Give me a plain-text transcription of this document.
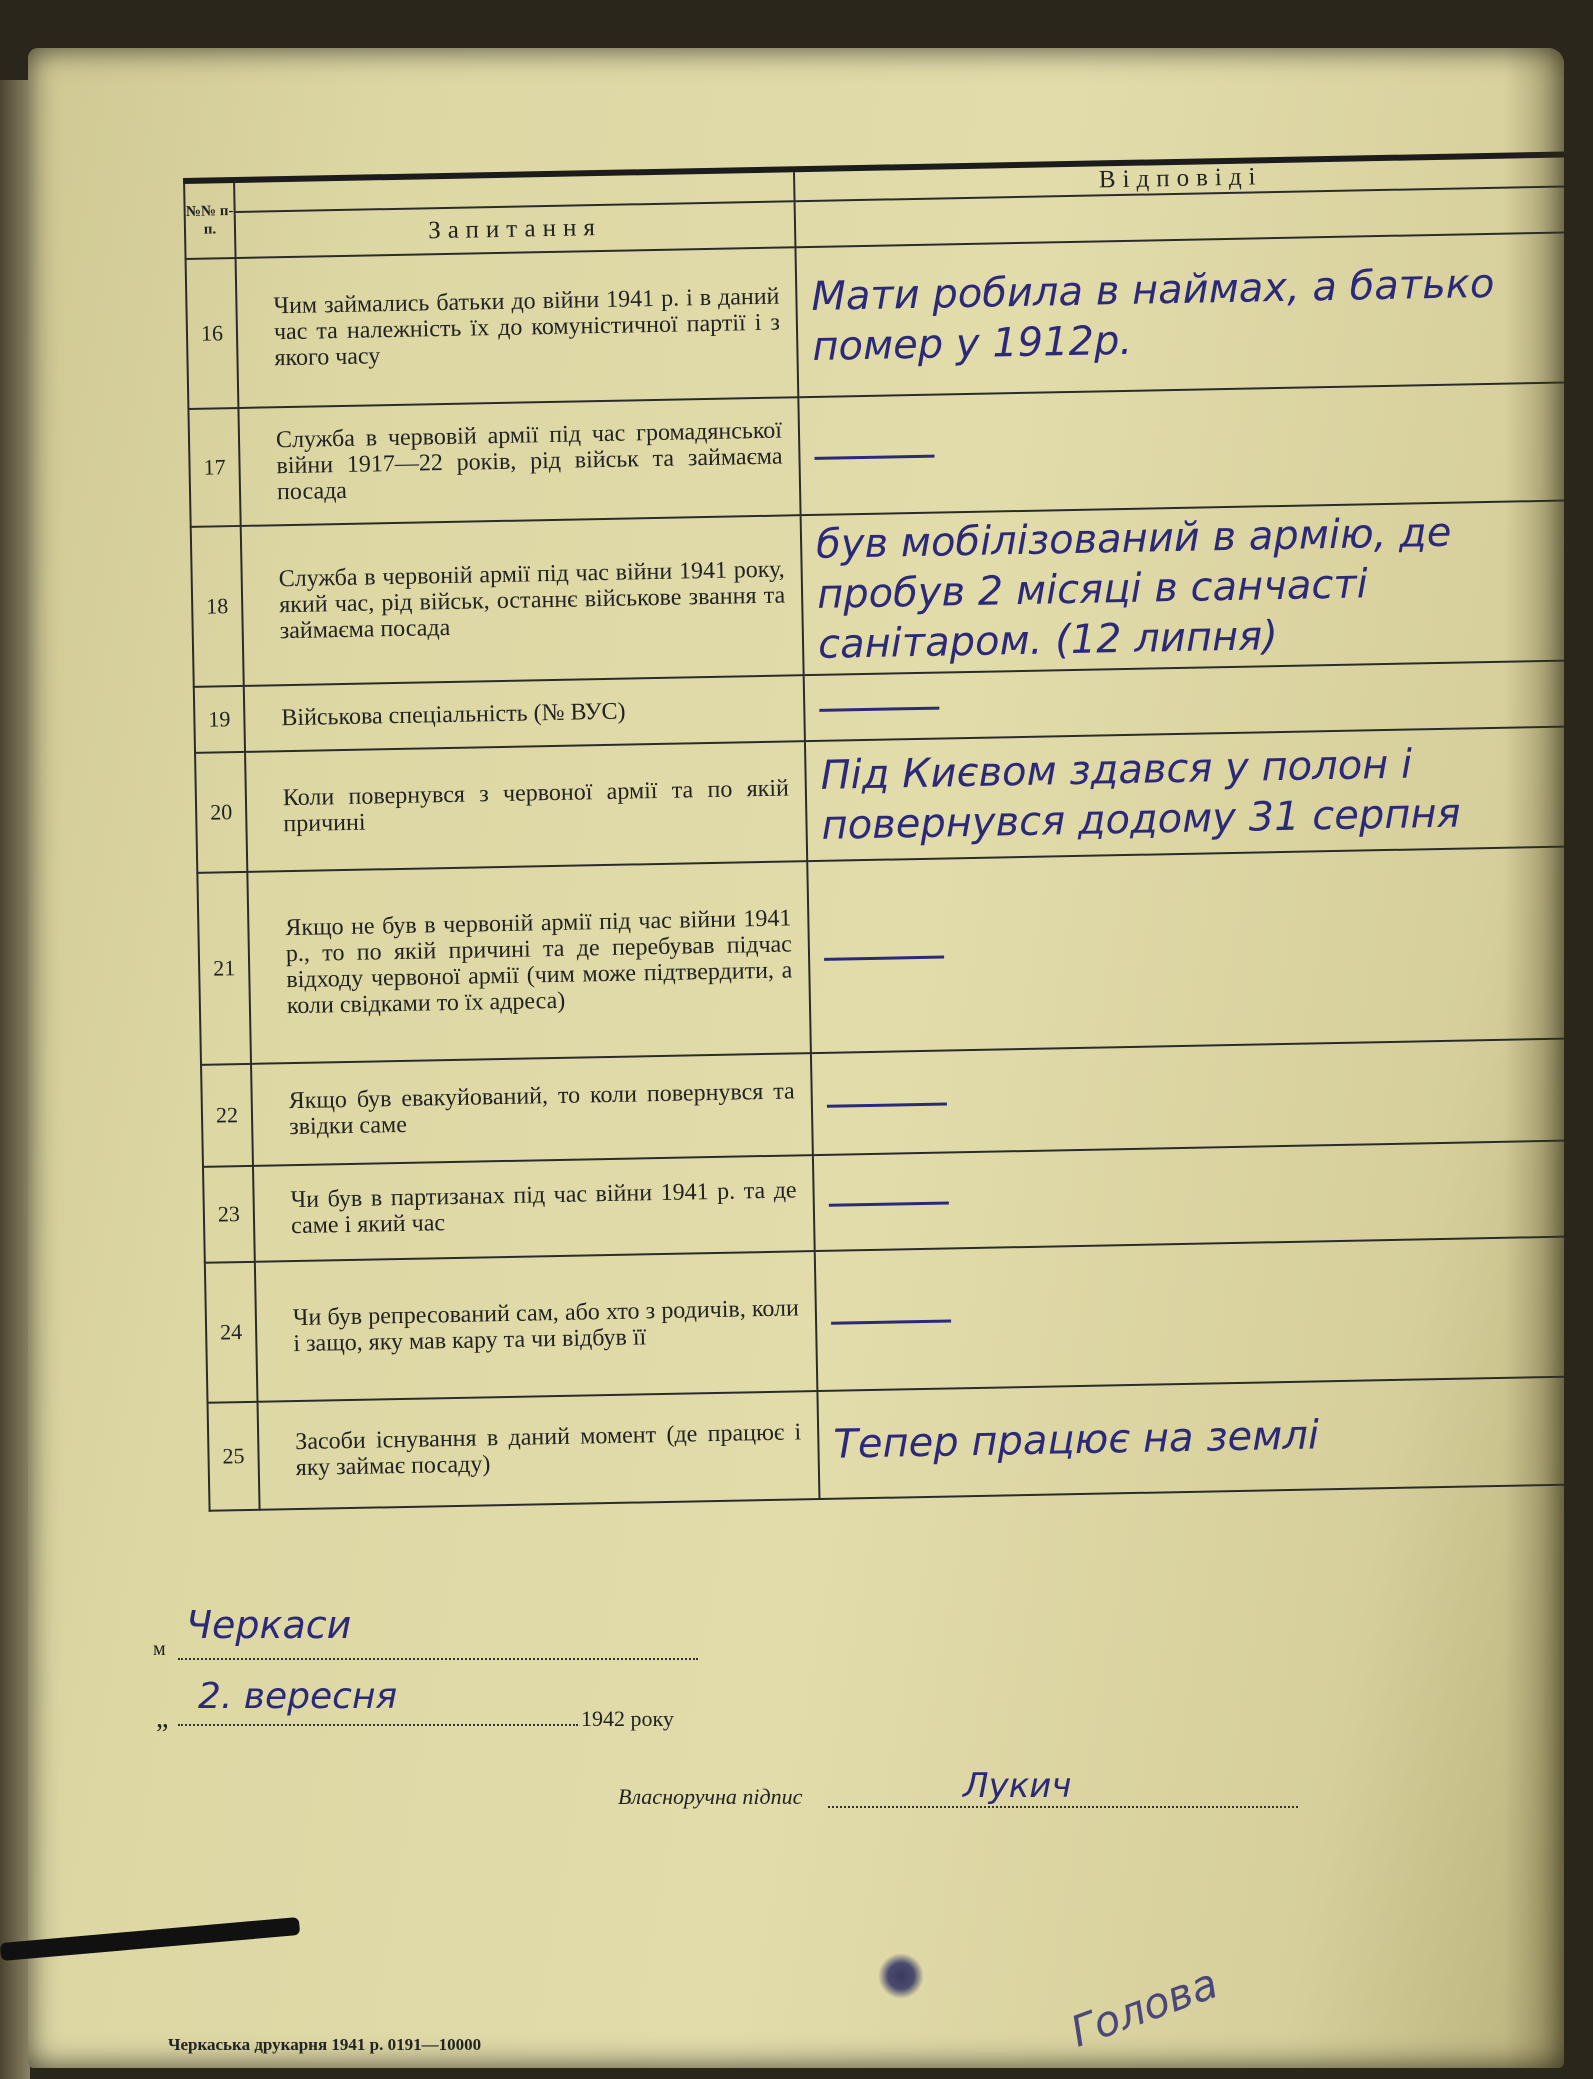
№№ п-п.		Відповіді
	Запитання	
16	Чим займались батьки до війни 1941 р. і в даний час та належність їх до комуністичної партії і з якого часу	Мати робила в наймах, а батько помер у 1912р.
17	Служба в червовій армії під час громадянської війни 1917—22 років, рід військ та займаєма посада	
18	Служба в червоній армії під час війни 1941 року, який час, рід військ, останнє військове звання та займаєма посада	був мобілізований в армію, де пробув 2 місяці в санчасті санітаром. (12 липня)
19	Військова спеціальність (№ ВУС)	
20	Коли повернувся з червоної армії та по якій причині	Під Києвом здався у полон і повернувся додому 31 серпня
21	Якщо не був в червоній армії під час війни 1941 р., то по якій причині та де перебував підчас відходу червоної армії (чим може підтвердити, а коли свідками то їх адреса)	
22	Якщо був евакуйований, то коли повернувся та звідки саме	
23	Чи був в партизанах під час війни 1941 р. та де саме і який час	
24	Чи був репресований сам, або хто з родичів, коли і защо, яку мав кару та чи відбув її	
25	Засоби існування в даний момент (де працює і яку займає посаду)	Тепер працює на землі
м
Черкаси
„
2. вересня
1942 року
Власноручна підпис	Лукич
Голова
Черкаська друкарня 1941 р. 0191—10000
